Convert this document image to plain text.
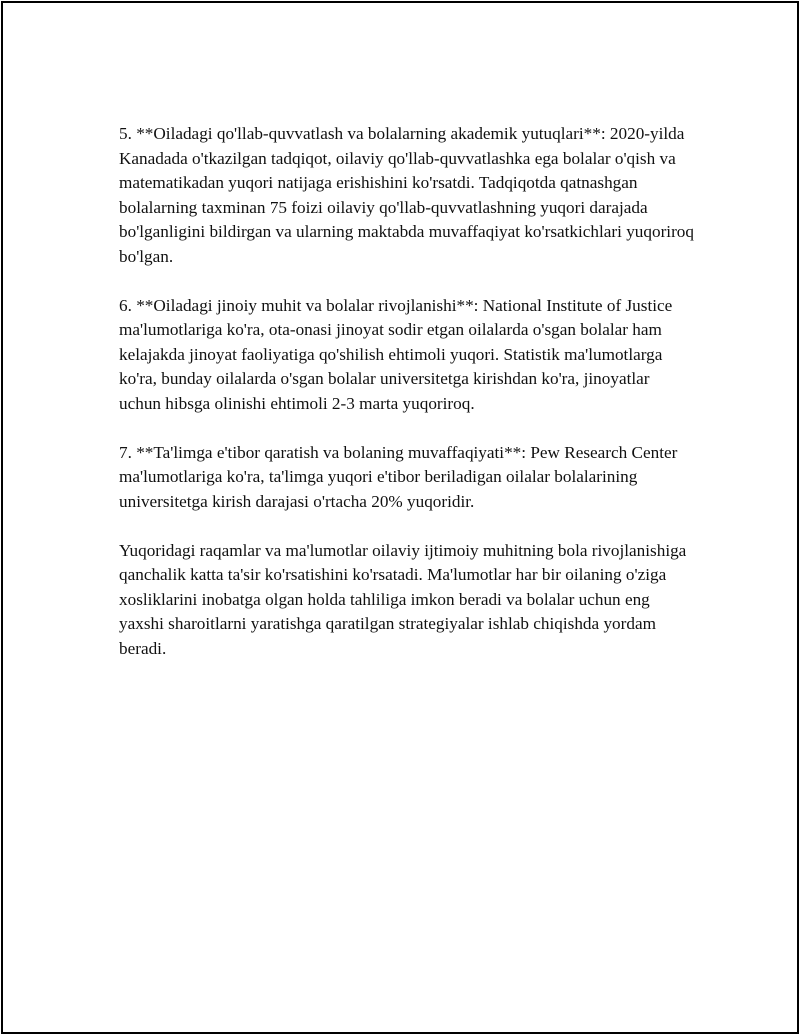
5. **Oiladagi qo'llab-quvvatlash va bolalarning akademik yutuqlari**: 2020-yilda Kanadada o'tkazilgan tadqiqot, oilaviy qo'llab-quvvatlashka ega bolalar o'qish va matematikadan yuqori natijaga erishishini ko'rsatdi. Tadqiqotda qatnashgan bolalarning taxminan 75 foizi oilaviy qo'llab-quvvatlashning yuqori darajada bo'lganligini bildirgan va ularning maktabda muvaffaqiyat ko'rsatkichlari yuqoriroq bo'lgan.

6. **Oiladagi jinoiy muhit va bolalar rivojlanishi**: National Institute of Justice ma'lumotlariga ko'ra, ota-onasi jinoyat sodir etgan oilalarda o'sgan bolalar ham kelajakda jinoyat faoliyatiga qo'shilish ehtimoli yuqori. Statistik ma'lumotlarga ko'ra, bunday oilalarda o'sgan bolalar universitetga kirishdan ko'ra, jinoyatlar uchun hibsga olinishi ehtimoli 2-3 marta yuqoriroq.

7. **Ta'limga e'tibor qaratish va bolaning muvaffaqiyati**: Pew Research Center ma'lumotlariga ko'ra, ta'limga yuqori e'tibor beriladigan oilalar bolalarining universitetga kirish darajasi o'rtacha 20% yuqoridir.

Yuqoridagi raqamlar va ma'lumotlar oilaviy ijtimoiy muhitning bola rivojlanishiga qanchalik katta ta'sir ko'rsatishini ko'rsatadi. Ma'lumotlar har bir oilaning o'ziga xosliklarini inobatga olgan holda tahliliga imkon beradi va bolalar uchun eng yaxshi sharoitlarni yaratishga qaratilgan strategiyalar ishlab chiqishda yordam beradi.
